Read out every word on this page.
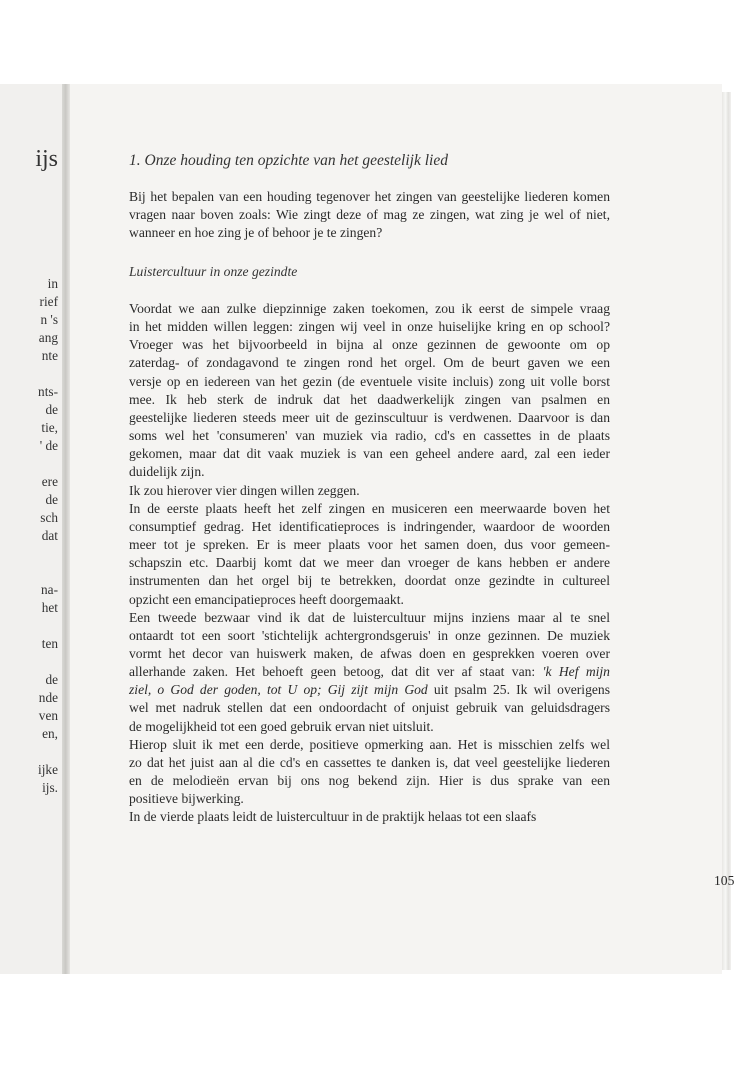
ijs
in
rief
n 's
ang
nte
nts-
de
tie,
' de
ere
de
sch
dat
na-
het
ten
de
nde
ven
en,
ijke
ijs.
1. Onze houding ten opzichte van het geestelijk lied
Bij het bepalen van een houding tegenover het zingen van geestelijke liederen komen
vragen naar boven zoals: Wie zingt deze of mag ze zingen, wat zing je wel of niet,
wanneer en hoe zing je of behoor je te zingen?
Luistercultuur in onze gezindte
Voordat we aan zulke diepzinnige zaken toekomen, zou ik eerst de simpele vraag
in het midden willen leggen: zingen wij veel in onze huiselijke kring en op school?
Vroeger was het bijvoorbeeld in bijna al onze gezinnen de gewoonte om op
zaterdag- of zondagavond te zingen rond het orgel. Om de beurt gaven we een
versje op en iedereen van het gezin (de eventuele visite incluis) zong uit volle borst
mee. Ik heb sterk de indruk dat het daadwerkelijk zingen van psalmen en
geestelijke liederen steeds meer uit de gezinscultuur is verdwenen. Daarvoor is dan
soms wel het 'consumeren' van muziek via radio, cd's en cassettes in de plaats
gekomen, maar dat dit vaak muziek is van een geheel andere aard, zal een ieder
duidelijk zijn.
Ik zou hierover vier dingen willen zeggen.
In de eerste plaats heeft het zelf zingen en musiceren een meerwaarde boven het
consumptief gedrag. Het identificatieproces is indringender, waardoor de woorden
meer tot je spreken. Er is meer plaats voor het samen doen, dus voor gemeen-
schapszin etc. Daarbij komt dat we meer dan vroeger de kans hebben er andere
instrumenten dan het orgel bij te betrekken, doordat onze gezindte in cultureel
opzicht een emancipatieproces heeft doorgemaakt.
Een tweede bezwaar vind ik dat de luistercultuur mijns inziens maar al te snel
ontaardt tot een soort 'stichtelijk achtergrondsgeruis' in onze gezinnen. De muziek
vormt het decor van huiswerk maken, de afwas doen en gesprekken voeren over
allerhande zaken. Het behoeft geen betoog, dat dit ver af staat van: 'k Hef mijn
ziel, o God der goden, tot U op; Gij zijt mijn God uit psalm 25. Ik wil overigens
wel met nadruk stellen dat een ondoordacht of onjuist gebruik van geluidsdragers
de mogelijkheid tot een goed gebruik ervan niet uitsluit.
Hierop sluit ik met een derde, positieve opmerking aan. Het is misschien zelfs wel
zo dat het juist aan al die cd's en cassettes te danken is, dat veel geestelijke liederen
en de melodieën ervan bij ons nog bekend zijn. Hier is dus sprake van een
positieve bijwerking.
In de vierde plaats leidt de luistercultuur in de praktijk helaas tot een slaafs
105
